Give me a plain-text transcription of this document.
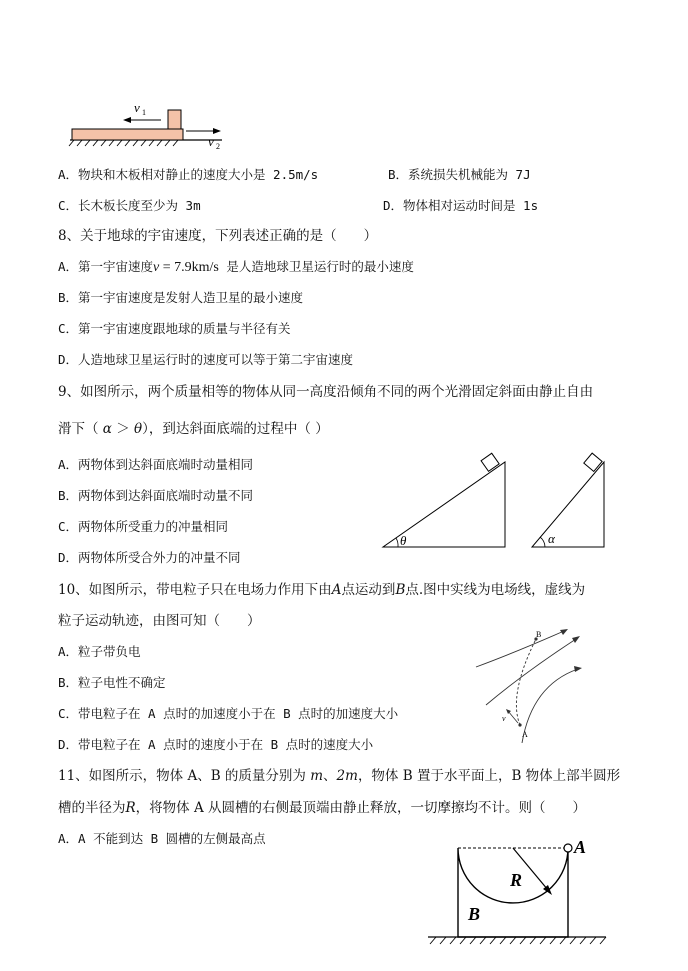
v 1
v 2
A．物块和木板相对静止的速度大小是 2.5m/s	B．系统损失机械能为 7J
C．长木板长度至少为 3m	D．物体相对运动时间是 1s
8、关于地球的宇宙速度，下列表述正确的是（　　）
A．第一宇宙速度v = 7.9km/s 是人造地球卫星运行时的最小速度
B．第一宇宙速度是发射人造卫星的最小速度
C．第一宇宙速度跟地球的质量与半径有关
D．人造地球卫星运行时的速度可以等于第二宇宙速度
9、如图所示，两个质量相等的物体从同一高度沿倾角不同的两个光滑固定斜面由静止自由
滑下（ α ＞ θ），到达斜面底端的过程中（ ）
A．两物体到达斜面底端时动量相同
B．两物体到达斜面底端时动量不同
C．两物体所受重力的冲量相同
D．两物体所受合外力的冲量不同
θ	α
10、如图所示，带电粒子只在电场力作用下由A点运动到B点.图中实线为电场线，虚线为
粒子运动轨迹，由图可知（　　）
A．粒子带负电
B．粒子电性不确定
C．带电粒子在 A 点时的加速度小于在 B 点时的加速度大小
D．带电粒子在 A 点时的速度小于在 B 点时的速度大小
B
A
v
11、如图所示，物体 A、B 的质量分别为 m、2m，物体 B 置于水平面上，B 物体上部半圆形
槽的半径为R，将物体 A 从圆槽的右侧最顶端由静止释放，一切摩擦均不计。则（　　）
A．A 不能到达 B 圆槽的左侧最高点	A
R
B
